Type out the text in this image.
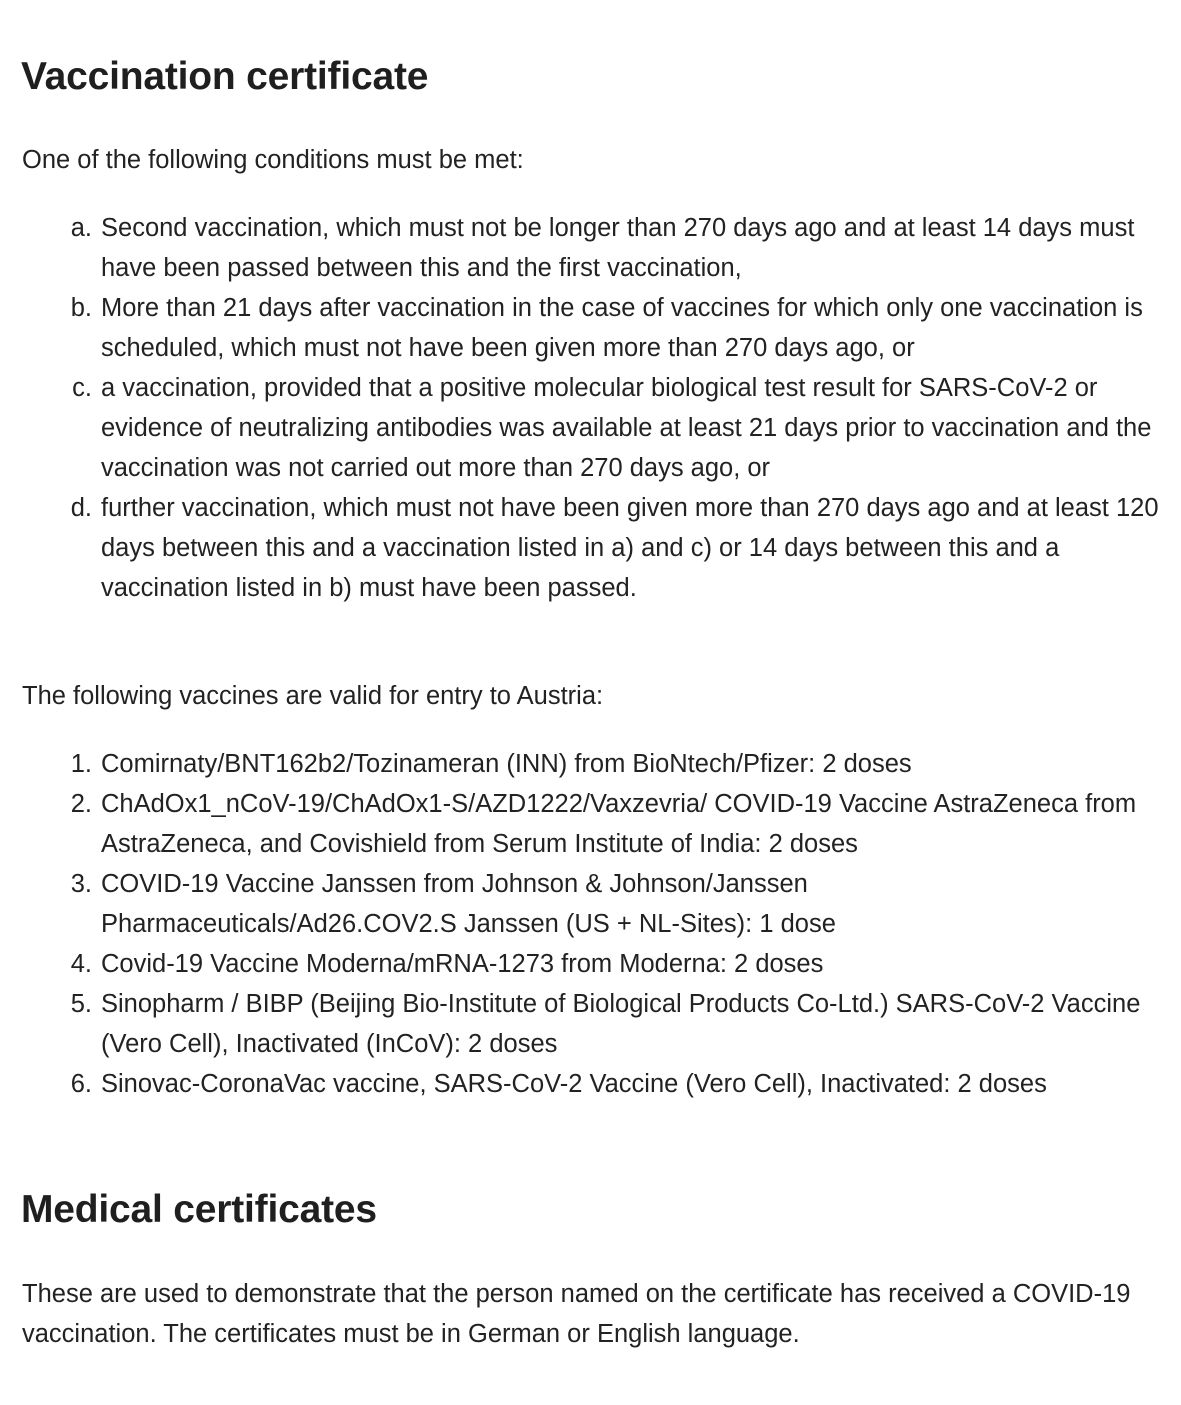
Vaccination certificate

One of the following conditions must be met:

a. Second vaccination, which must not be longer than 270 days ago and at least 14 days must have been passed between this and the first vaccination,
b. More than 21 days after vaccination in the case of vaccines for which only one vaccination is scheduled, which must not have been given more than 270 days ago, or
c. a vaccination, provided that a positive molecular biological test result for SARS-CoV-2 or evidence of neutralizing antibodies was available at least 21 days prior to vaccination and the vaccination was not carried out more than 270 days ago, or
d. further vaccination, which must not have been given more than 270 days ago and at least 120 days between this and a vaccination listed in a) and c) or 14 days between this and a vaccination listed in b) must have been passed.

The following vaccines are valid for entry to Austria:

1. Comirnaty/BNT162b2/Tozinameran (INN) from BioNtech/Pfizer: 2 doses
2. ChAdOx1_nCoV-19/ChAdOx1-S/AZD1222/Vaxzevria/ COVID-19 Vaccine AstraZeneca from AstraZeneca, and Covishield from Serum Institute of India: 2 doses
3. COVID-19 Vaccine Janssen from Johnson & Johnson/Janssen Pharmaceuticals/Ad26.COV2.S Janssen (US + NL-Sites): 1 dose
4. Covid-19 Vaccine Moderna/mRNA-1273 from Moderna: 2 doses
5. Sinopharm / BIBP (Beijing Bio-Institute of Biological Products Co-Ltd.) SARS-CoV-2 Vaccine (Vero Cell), Inactivated (InCoV): 2 doses
6. Sinovac-CoronaVac vaccine, SARS-CoV-2 Vaccine (Vero Cell), Inactivated: 2 doses
Medical certificates

These are used to demonstrate that the person named on the certificate has received a COVID-19 vaccination. The certificates must be in German or English language.
